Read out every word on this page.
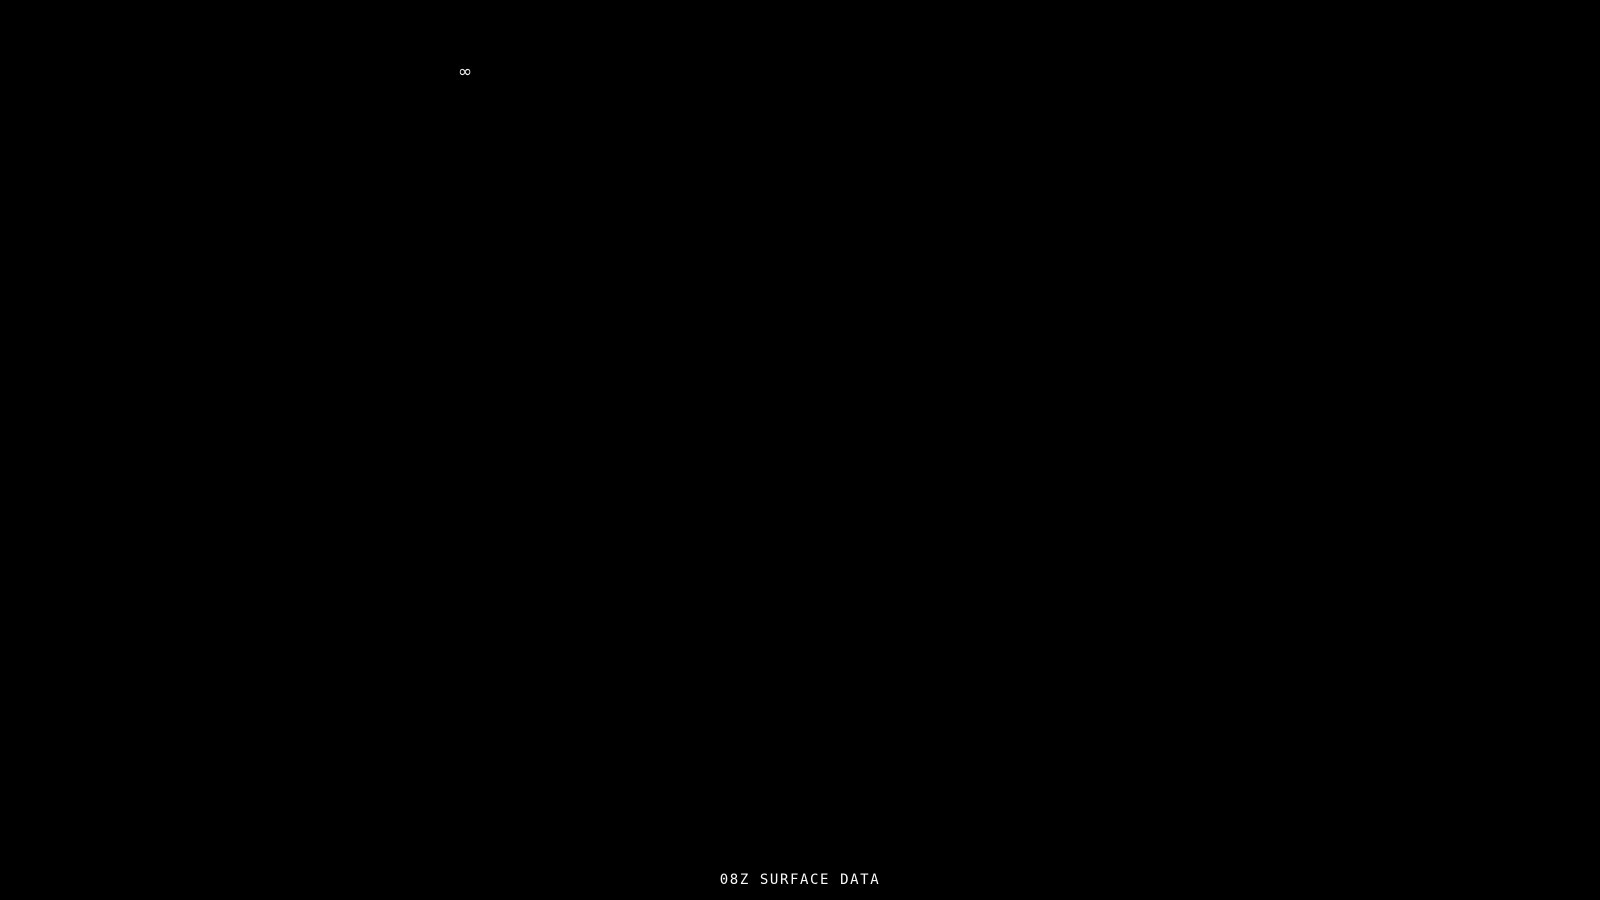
∞
08Z SURFACE DATA
